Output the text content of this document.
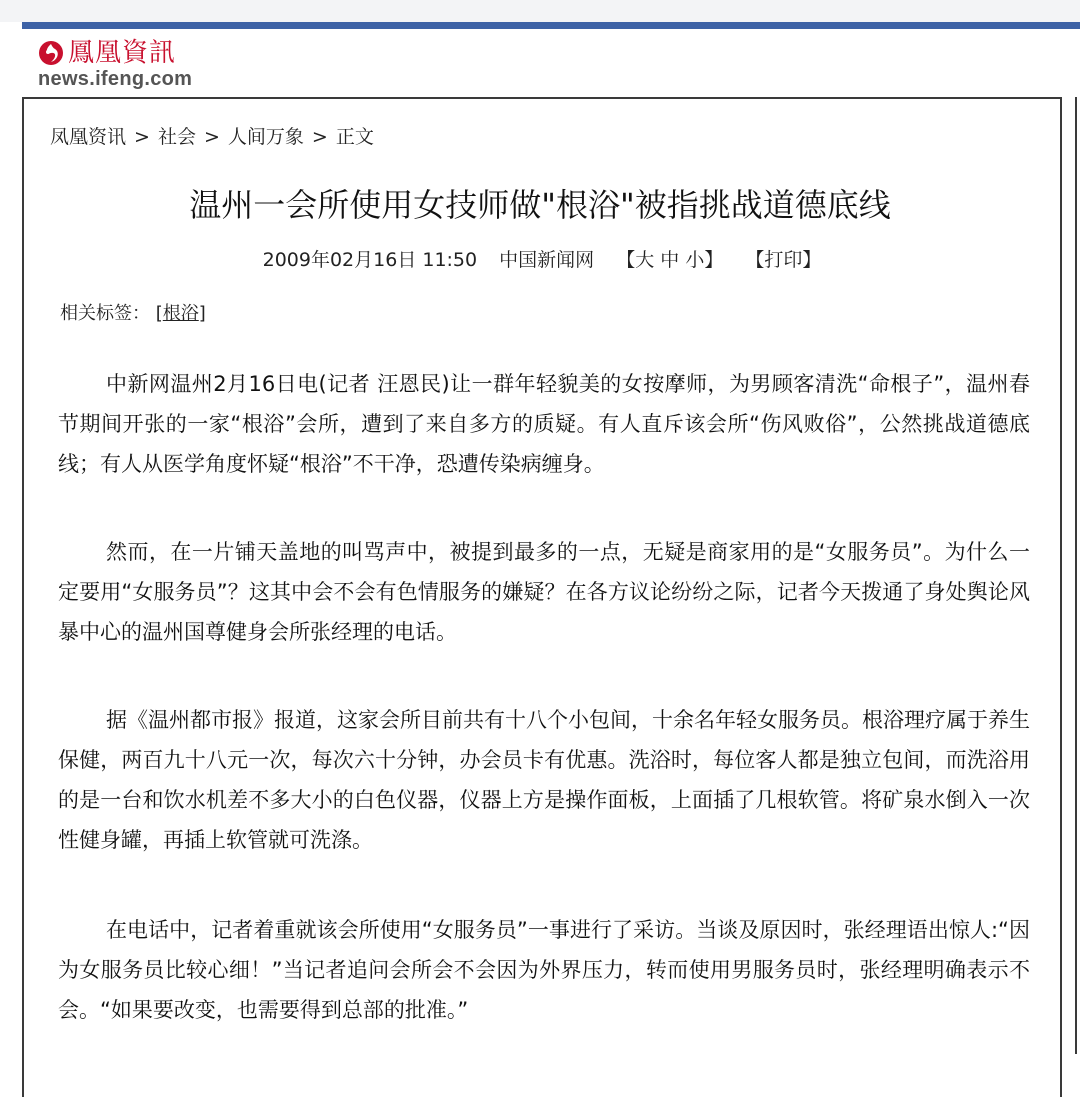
鳳凰資訊
news.ifeng.com
凤凰资讯 > 社会 > 人间万象 > 正文
温州一会所使用女技师做"根浴"被指挑战道德底线
2009年02月16日 11:50 中国新闻网 【大 中 小】 【打印】
相关标签： [根浴]

中新网温州2月16日电(记者 汪恩民)让一群年轻貌美的女按摩师，为男顾客清洗“命根子”，温州春节期间开张的一家“根浴”会所，遭到了来自多方的质疑。有人直斥该会所“伤风败俗”，公然挑战道德底线；有人从医学角度怀疑“根浴”不干净，恐遭传染病缠身。

然而，在一片铺天盖地的叫骂声中，被提到最多的一点，无疑是商家用的是“女服务员”。为什么一定要用“女服务员”？这其中会不会有色情服务的嫌疑？在各方议论纷纷之际，记者今天拨通了身处舆论风暴中心的温州国尊健身会所张经理的电话。

据《温州都市报》报道，这家会所目前共有十八个小包间，十余名年轻女服务员。根浴理疗属于养生保健，两百九十八元一次，每次六十分钟，办会员卡有优惠。洗浴时，每位客人都是独立包间，而洗浴用的是一台和饮水机差不多大小的白色仪器，仪器上方是操作面板，上面插了几根软管。将矿泉水倒入一次性健身罐，再插上软管就可洗涤。

在电话中，记者着重就该会所使用“女服务员”一事进行了采访。当谈及原因时，张经理语出惊人:“因为女服务员比较心细！”当记者追问会所会不会因为外界压力，转而使用男服务员时，张经理明确表示不会。“如果要改变，也需要得到总部的批准。”
